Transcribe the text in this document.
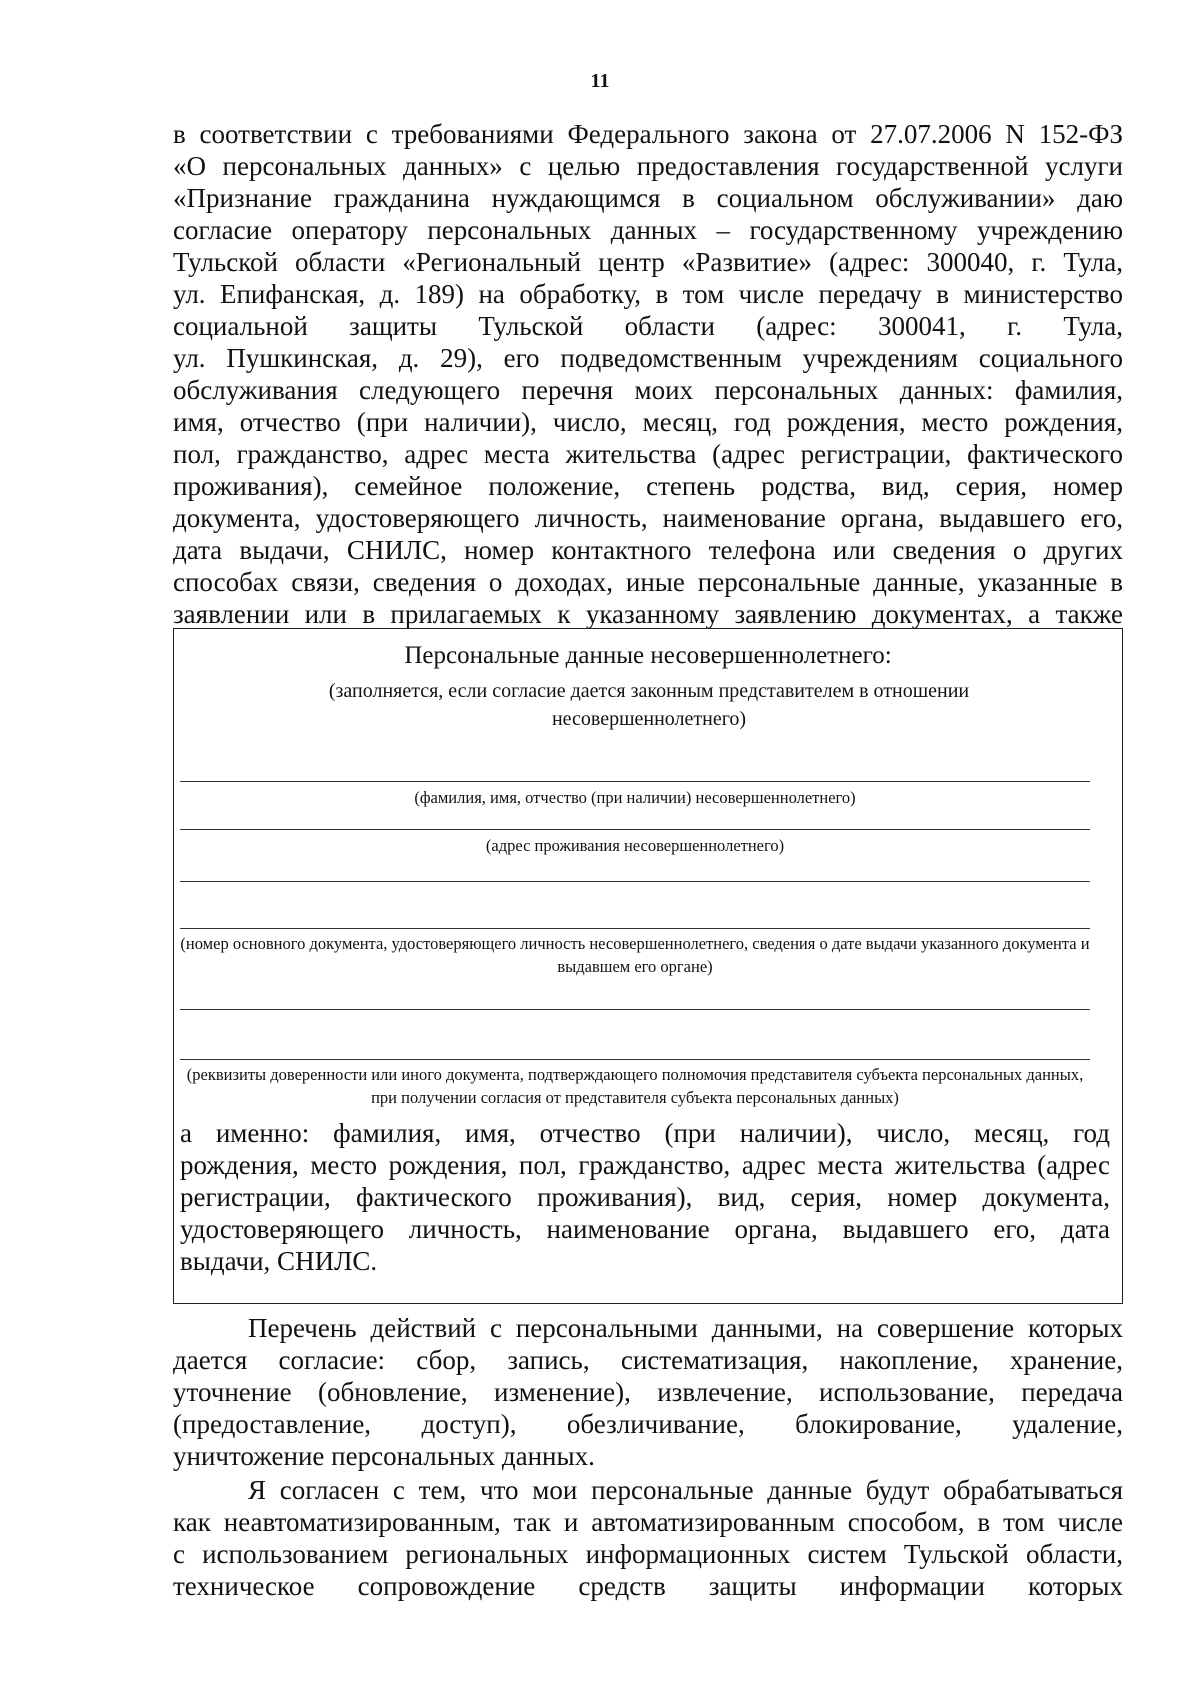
11
в соответствии с требованиями Федерального закона от 27.07.2006 N 152-ФЗ
«О персональных данных» с целью предоставления государственной услуги
«Признание гражданина нуждающимся в социальном обслуживании» даю
согласие оператору персональных данных – государственному учреждению
Тульской области «Региональный центр «Развитие» (адрес: 300040, г. Тула,
ул. Епифанская, д. 189) на обработку, в том числе передачу в министерство
социальной защиты Тульской области (адрес: 300041, г. Тула,
ул. Пушкинская, д. 29), его подведомственным учреждениям социального
обслуживания следующего перечня моих персональных данных: фамилия,
имя, отчество (при наличии), число, месяц, год рождения, место рождения,
пол, гражданство, адрес места жительства (адрес регистрации, фактического
проживания), семейное положение, степень родства, вид, серия, номер
документа, удостоверяющего личность, наименование органа, выдавшего его,
дата выдачи, СНИЛС, номер контактного телефона или сведения о других
способах связи, сведения о доходах, иные персональные данные, указанные в
заявлении или в прилагаемых к указанному заявлению документах, а также
Персональные данные несовершеннолетнего:
(заполняется, если согласие дается законным представителем в отношении несовершеннолетнего)
(фамилия, имя, отчество (при наличии) несовершеннолетнего)
(адрес проживания несовершеннолетнего)
(номер основного документа, удостоверяющего личность несовершеннолетнего, сведения о дате выдачи указанного документа и выдавшем его органе)
(реквизиты доверенности или иного документа, подтверждающего полномочия представителя субъекта персональных данных, при получении согласия от представителя субъекта персональных данных)
а именно: фамилия, имя, отчество (при наличии), число, месяц, год
рождения, место рождения, пол, гражданство, адрес места жительства (адрес
регистрации, фактического проживания), вид, серия, номер документа,
удостоверяющего личность, наименование органа, выдавшего его, дата
выдачи, СНИЛС.
Перечень действий с персональными данными, на совершение которых
дается согласие: сбор, запись, систематизация, накопление, хранение,
уточнение (обновление, изменение), извлечение, использование, передача
(предоставление, доступ), обезличивание, блокирование, удаление,
уничтожение персональных данных.
Я согласен с тем, что мои персональные данные будут обрабатываться
как неавтоматизированным, так и автоматизированным способом, в том числе
с использованием региональных информационных систем Тульской области,
техническое сопровождение средств защиты информации которых
